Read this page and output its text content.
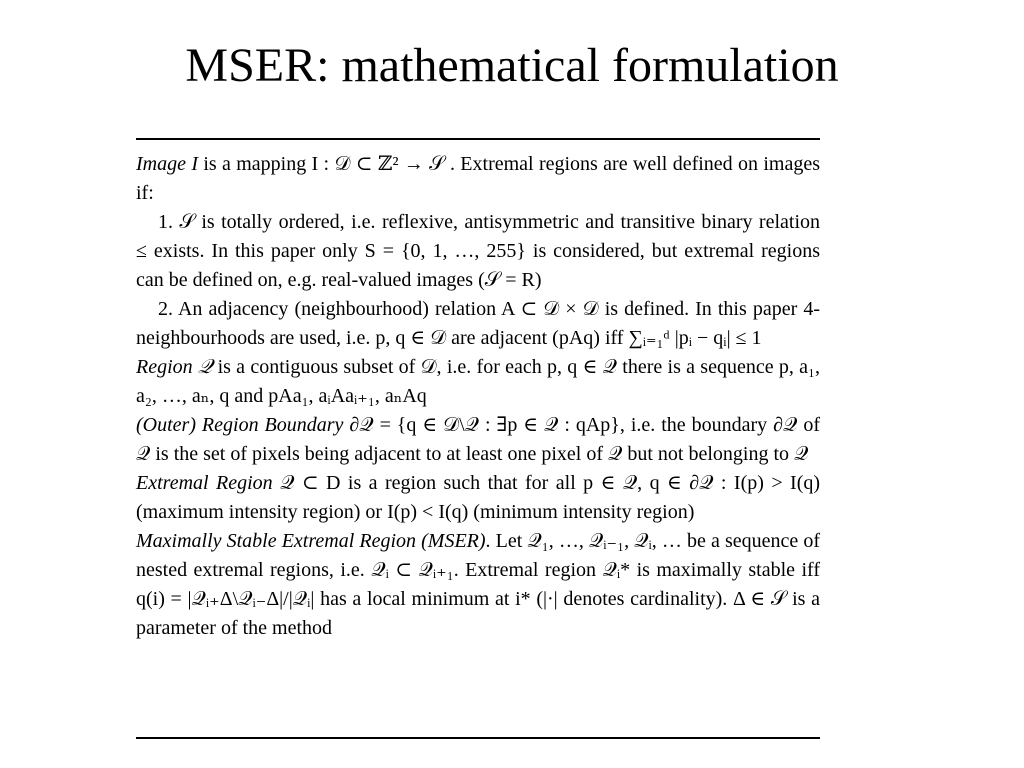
MSER: mathematical formulation

Image I is a mapping I : 𝒟 ⊂ ℤ² → 𝒮 . Extremal regions are well defined on images if:

1. 𝒮 is totally ordered, i.e. reflexive, antisymmetric and transitive binary relation ≤ exists. In this paper only S = {0, 1, …, 255} is considered, but extremal regions can be defined on, e.g. real-valued images (𝒮 = R)

2. An adjacency (neighbourhood) relation A ⊂ 𝒟 × 𝒟 is defined. In this paper 4-neighbourhoods are used, i.e. p, q ∈ 𝒟 are adjacent (pAq) iff ∑ᵢ₌₁ᵈ |pᵢ − qᵢ| ≤ 1

Region 𝒬 is a contiguous subset of 𝒟, i.e. for each p, q ∈ 𝒬 there is a sequence p, a₁, a₂, …, aₙ, q and pAa₁, aᵢAaᵢ₊₁, aₙAq

(Outer) Region Boundary ∂𝒬 = {q ∈ 𝒟\𝒬 : ∃p ∈ 𝒬 : qAp}, i.e. the boundary ∂𝒬 of 𝒬 is the set of pixels being adjacent to at least one pixel of 𝒬 but not belonging to 𝒬

Extremal Region 𝒬 ⊂ D is a region such that for all p ∈ 𝒬, q ∈ ∂𝒬 : I(p) > I(q) (maximum intensity region) or I(p) < I(q) (minimum intensity region)

Maximally Stable Extremal Region (MSER). Let 𝒬₁, …, 𝒬ᵢ₋₁, 𝒬ᵢ, … be a sequence of nested extremal regions, i.e. 𝒬ᵢ ⊂ 𝒬ᵢ₊₁. Extremal region 𝒬ᵢ* is maximally stable iff q(i) = |𝒬ᵢ₊Δ\𝒬ᵢ₋Δ|/|𝒬ᵢ| has a local minimum at i* (|·| denotes cardinality). Δ ∈ 𝒮 is a parameter of the method
